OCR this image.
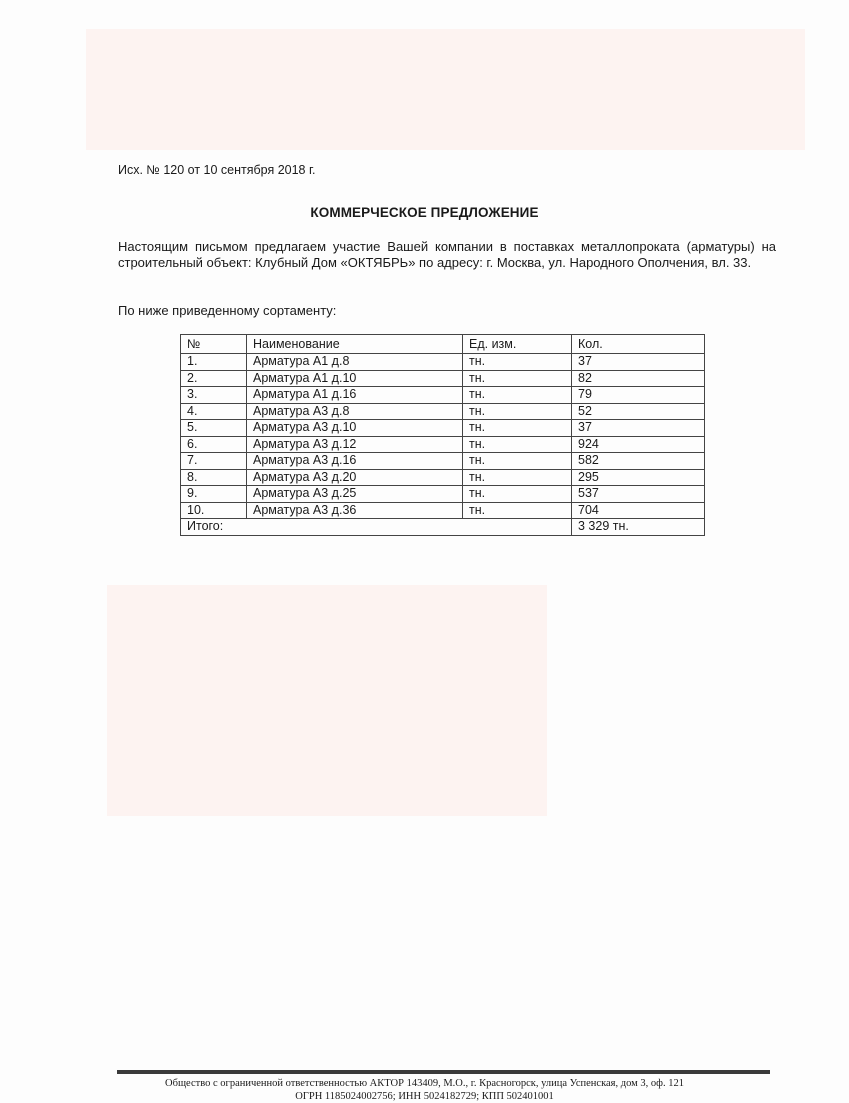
Исх. № 120 от 10 сентября 2018 г.
КОММЕРЧЕСКОЕ ПРЕДЛОЖЕНИЕ
Настоящим письмом предлагаем участие Вашей компании в поставках металлопроката (арматуры) на строительный объект: Клубный Дом «ОКТЯБРЬ» по адресу: г. Москва, ул. Народного Ополчения, вл. 33.
По ниже приведенному сортаменту:
№	Наименование	Ед. изм.	Кол.
1.	Арматура А1 д.8	тн.	37
2.	Арматура А1 д.10	тн.	82
3.	Арматура А1 д.16	тн.	79
4.	Арматура А3 д.8	тн.	52
5.	Арматура А3 д.10	тн.	37
6.	Арматура А3 д.12	тн.	924
7.	Арматура А3 д.16	тн.	582
8.	Арматура А3 д.20	тн.	295
9.	Арматура А3 д.25	тн.	537
10.	Арматура А3 д.36	тн.	704
Итого:			3 329 тн.
Общество с ограниченной ответственностью АКТОР 143409, М.О., г. Красногорск, улица Успенская, дом 3, оф. 121
ОГРН 1185024002756; ИНН 5024182729; КПП 502401001
